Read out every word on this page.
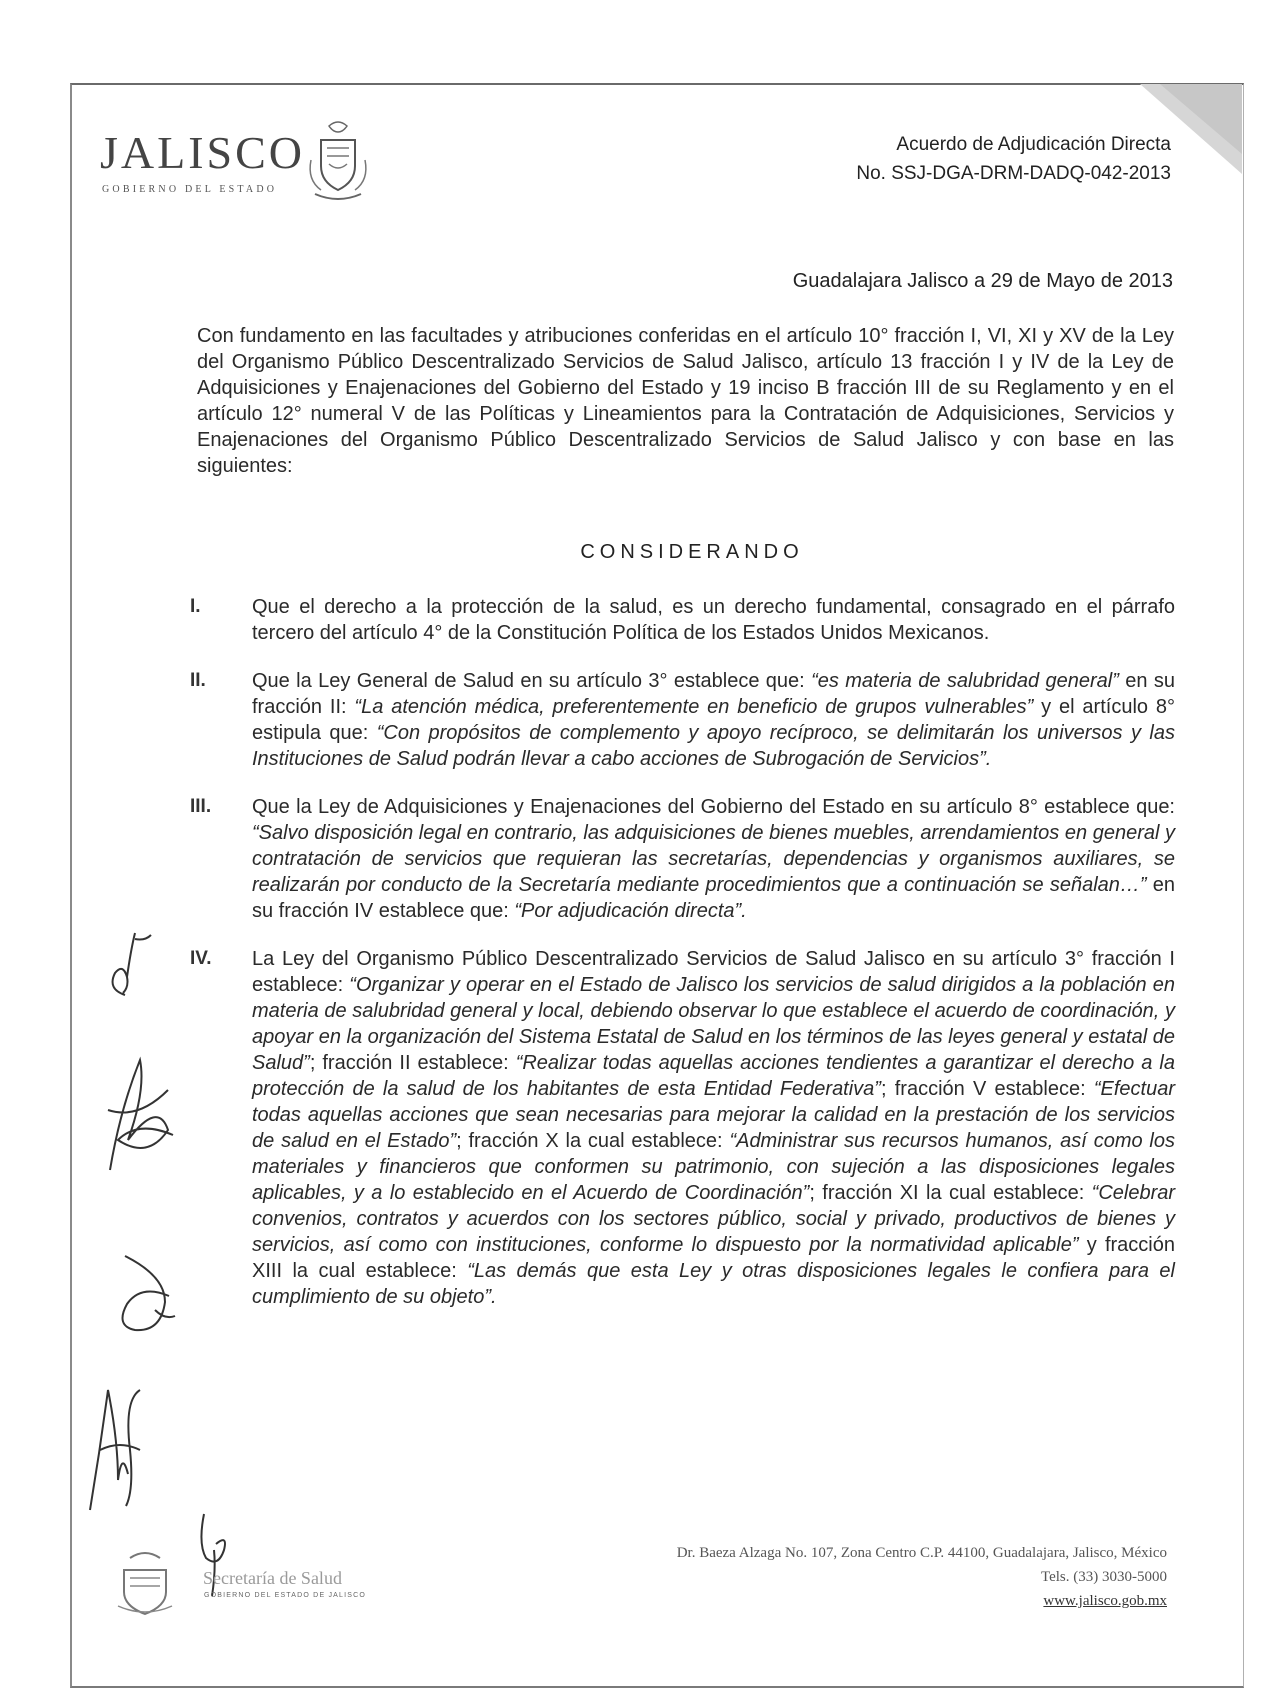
JALISCO
GOBIERNO DEL ESTADO
Acuerdo de Adjudicación Directa
No. SSJ-DGA-DRM-DADQ-042-2013
Guadalajara Jalisco a 29 de Mayo de 2013

Con fundamento en las facultades y atribuciones conferidas en el artículo 10° fracción I, VI, XI y XV de la Ley del Organismo Público Descentralizado Servicios de Salud Jalisco, artículo 13 fracción I y IV de la Ley de Adquisiciones y Enajenaciones del Gobierno del Estado y 19 inciso B fracción III de su Reglamento y en el artículo 12° numeral V de las Políticas y Lineamientos para la Contratación de Adquisiciones, Servicios y Enajenaciones del Organismo Público Descentralizado Servicios de Salud Jalisco y con base en las siguientes:

CONSIDERANDO
I.	Que el derecho a la protección de la salud, es un derecho fundamental, consagrado en el párrafo tercero del artículo 4° de la Constitución Política de los Estados Unidos Mexicanos.
II. Que la Ley General de Salud en su artículo 3° establece que: “es materia de salubridad general” en su fracción II: “La atención médica, preferentemente en beneficio de grupos vulnerables” y el artículo 8° estipula que: “Con propósitos de complemento y apoyo recíproco, se delimitarán los universos y las Instituciones de Salud podrán llevar a cabo acciones de Subrogación de Servicios”.
III. Que la Ley de Adquisiciones y Enajenaciones del Gobierno del Estado en su artículo 8° establece que: “Salvo disposición legal en contrario, las adquisiciones de bienes muebles, arrendamientos en general y contratación de servicios que requieran las secretarías, dependencias y organismos auxiliares, se realizarán por conducto de la Secretaría mediante procedimientos que a continuación se señalan…” en su fracción IV establece que: “Por adjudicación directa”.
IV. La Ley del Organismo Público Descentralizado Servicios de Salud Jalisco en su artículo 3° fracción I establece: “Organizar y operar en el Estado de Jalisco los servicios de salud dirigidos a la población en materia de salubridad general y local, debiendo observar lo que establece el acuerdo de coordinación, y apoyar en la organización del Sistema Estatal de Salud en los términos de las leyes general y estatal de Salud”; fracción II establece: “Realizar todas aquellas acciones tendientes a garantizar el derecho a la protección de la salud de los habitantes de esta Entidad Federativa”; fracción V establece: “Efectuar todas aquellas acciones que sean necesarias para mejorar la calidad en la prestación de los servicios de salud en el Estado”; fracción X la cual establece: “Administrar sus recursos humanos, así como los materiales y financieros que conformen su patrimonio, con sujeción a las disposiciones legales aplicables, y a lo establecido en el Acuerdo de Coordinación”; fracción XI la cual establece: “Celebrar convenios, contratos y acuerdos con los sectores público, social y privado, productivos de bienes y servicios, así como con instituciones, conforme lo dispuesto por la normatividad aplicable” y fracción XIII la cual establece: “Las demás que esta Ley y otras disposiciones legales le confiera para el cumplimiento de su objeto”.
Secretaría de Salud
GOBIERNO DEL ESTADO DE JALISCO
Dr. Baeza Alzaga No. 107, Zona Centro C.P. 44100, Guadalajara, Jalisco, México
Tels. (33) 3030-5000
www.jalisco.gob.mx
